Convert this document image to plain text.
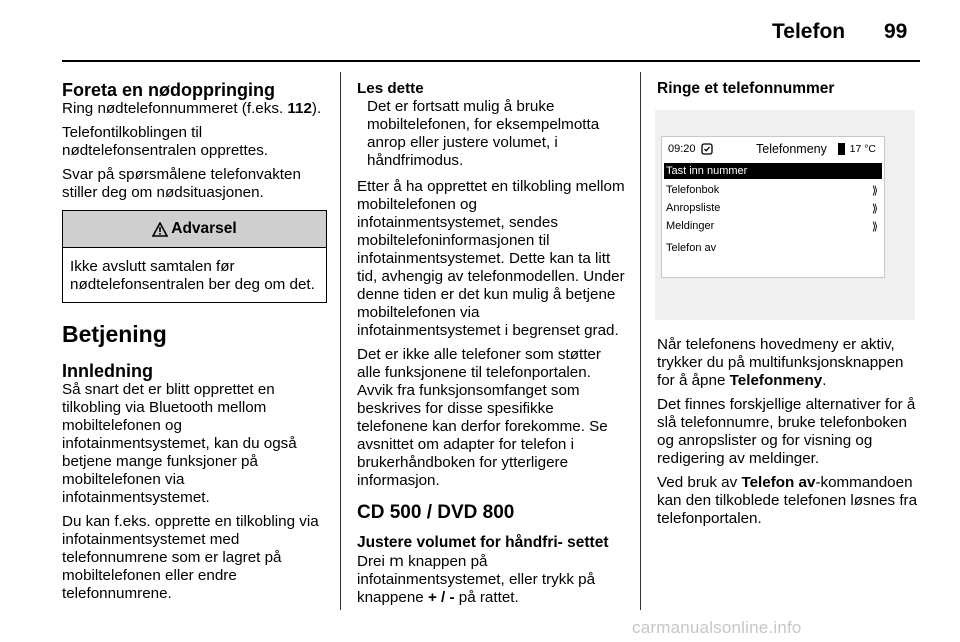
Telefon 99
Foreta en nødoppringing

Ring nødtelefonnummeret (f.eks. 112).

Telefontilkoblingen til nødtelefonsentralen opprettes.

Svar på spørsmålene telefonvakten stiller deg om nødsituasjonen.

Advarsel
Ikke avslutt samtalen før nødtelefonsentralen ber deg om det.
Betjening
Innledning

Så snart det er blitt opprettet en tilkobling via Bluetooth mellom mobiltelefonen og infotainmentsystemet, kan du også betjene mange funksjoner på mobiltelefonen via infotainmentsystemet.

Du kan f.eks. opprette en tilkobling via infotainmentsystemet med telefonnumrene som er lagret på mobiltelefonen eller endre telefonnumrene.

Les dette
Det er fortsatt mulig å bruke mobiltelefonen, for eksempelmotta anrop eller justere volumet, i håndfrimodus.

Etter å ha opprettet en tilkobling mellom mobiltelefonen og infotainmentsystemet, sendes mobiltelefoninformasjonen til infotainmentsystemet. Dette kan ta litt tid, avhengig av telefonmodellen. Under denne tiden er det kun mulig å betjene mobiltelefonen via infotainmentsystemet i begrenset grad.

Det er ikke alle telefoner som støtter alle funksjonene til telefonportalen. Avvik fra funksjonsomfanget som beskrives for disse spesifikke telefonene kan derfor forekomme. Se avsnittet om adapter for telefon i brukerhåndboken for ytterligere informasjon.

CD 500 / DVD 800
Justere volumet for håndfri- settet

Drei m knappen på infotainmentsystemet, eller trykk på knappene + / - på rattet.

Ringe et telefonnummer
09:20	Telefonmeny 17 °C
Tast inn nummer
Telefonbok	⟫
Anropsliste	⟫
Meldinger	⟫
Telefon av

Når telefonens hovedmeny er aktiv, trykker du på multifunksjonsknappen for å åpne Telefonmeny.

Det finnes forskjellige alternativer for å slå telefonnumre, bruke telefonboken og anropslister og for visning og redigering av meldinger.

Ved bruk av Telefon av-kommandoen kan den tilkoblede telefonen løsnes fra telefonportalen.

carmanualsonline.info
